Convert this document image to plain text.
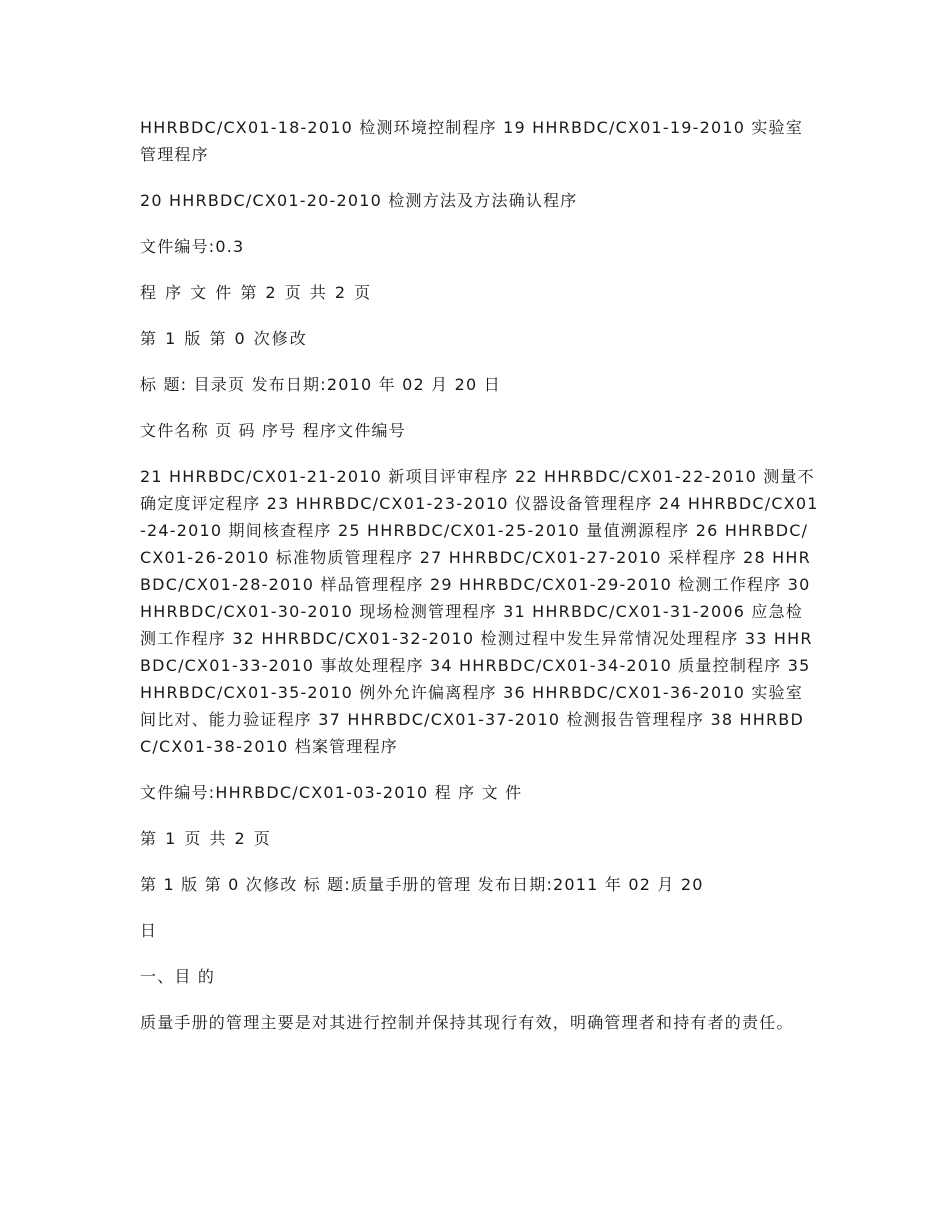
HHRBDC/CX01-18-2010 检测环境控制程序 19 HHRBDC/CX01-19-2010 实验室管理程序

20 HHRBDC/CX01-20-2010 检测方法及方法确认程序

文件编号:0.3

程 序 文 件 第 2 页 共 2 页

第 1 版 第 0 次修改

标 题: 目录页 发布日期:2010 年 02 月 20 日

文件名称 页 码 序号 程序文件编号

21 HHRBDC/CX01-21-2010 新项目评审程序 22 HHRBDC/CX01-22-2010 测量不确定度评定程序 23 HHRBDC/CX01-23-2010 仪器设备管理程序 24 HHRBDC/CX01-24-2010 期间核查程序 25 HHRBDC/CX01-25-2010 量值溯源程序 26 HHRBDC/CX01-26-2010 标准物质管理程序 27 HHRBDC/CX01-27-2010 采样程序 28 HHRBDC/CX01-28-2010 样品管理程序 29 HHRBDC/CX01-29-2010 检测工作程序 30 HHRBDC/CX01-30-2010 现场检测管理程序 31 HHRBDC/CX01-31-2006 应急检测工作程序 32 HHRBDC/CX01-32-2010 检测过程中发生异常情况处理程序 33 HHRBDC/CX01-33-2010 事故处理程序 34 HHRBDC/CX01-34-2010 质量控制程序 35 HHRBDC/CX01-35-2010 例外允许偏离程序 36 HHRBDC/CX01-36-2010 实验室间比对、能力验证程序 37 HHRBDC/CX01-37-2010 检测报告管理程序 38 HHRBDC/CX01-38-2010 档案管理程序

文件编号:HHRBDC/CX01-03-2010 程 序 文 件

第 1 页 共 2 页

第 1 版 第 0 次修改 标 题:质量手册的管理 发布日期:2011 年 02 月 20

日

一、目 的

质量手册的管理主要是对其进行控制并保持其现行有效，明确管理者和持有者的责任。
